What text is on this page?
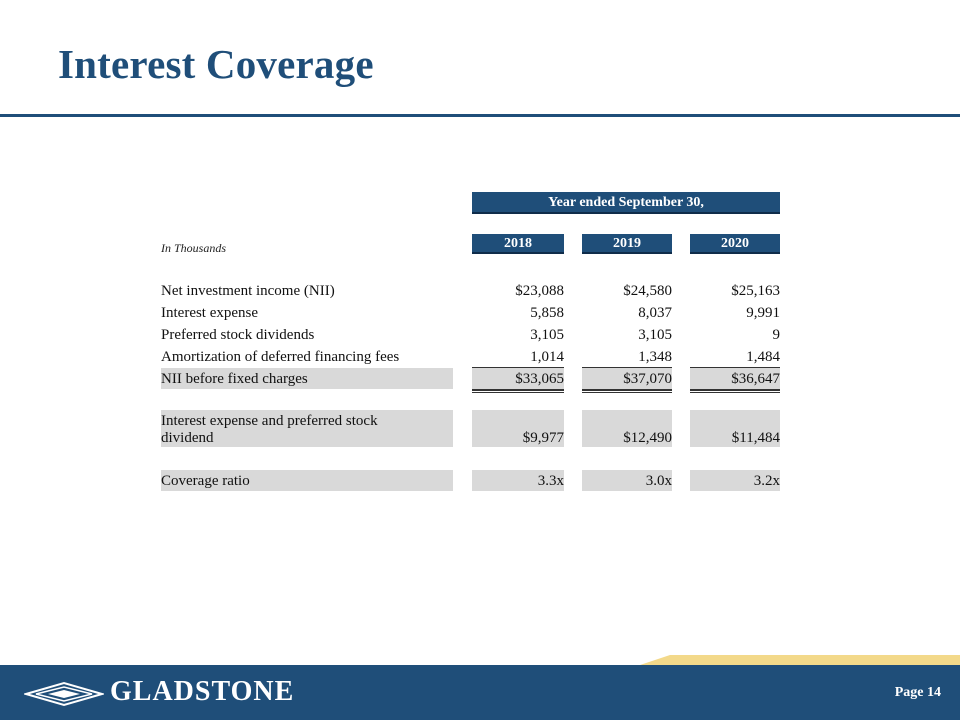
Interest Coverage
Year ended September 30,
In Thousands	2018	2019	2020
Net investment income (NII)	$23,088	$24,580	$25,163
Interest expense	5,858	8,037	9,991
Preferred stock dividends	3,105	3,105	9
Amortization of deferred financing fees	1,014	1,348	1,484
NII before fixed charges	$33,065	$37,070	$36,647
Interest expense and preferred stock
dividend	$9,977	$12,490	$11,484
Coverage ratio	3.3x	3.0x	3.2x
GLADSTONE	Page 14
